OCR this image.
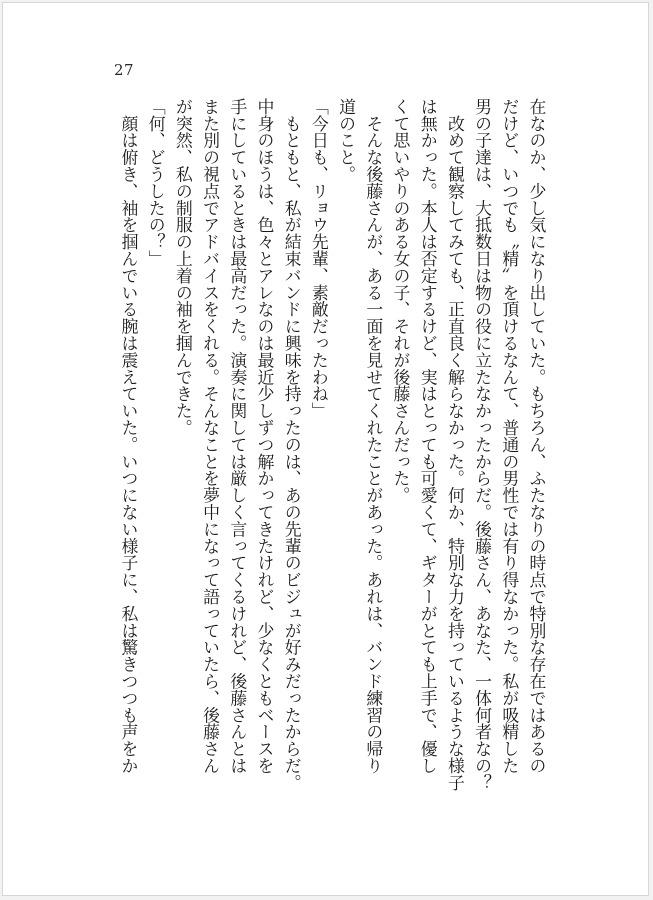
27
在なのか、少し気になり出していた。もちろん、ふたなりの時点で特別な存在ではあるの
だけど、いつでも〝精〟を頂けるなんて、普通の男性では有り得なかった。私が吸精した
男の子達は、大抵数日は物の役に立たなかったからだ。後藤さん、あなた、一体何者なの？
　改めて観察してみても、正直良く解らなかった。何か、特別な力を持っているような様子
は無かった。本人は否定するけど、実はとっても可愛くて、ギターがとても上手で、優し
くて思いやりのある女の子、それが後藤さんだった。
　そんな後藤さんが、ある一面を見せてくれたことがあった。あれは、バンド練習の帰り
道のこと。
「今日も、リョウ先輩、素敵だったわね」
　もともと、私が結束バンドに興味を持ったのは、あの先輩のビジュが好みだったからだ。
中身のほうは、色々とアレなのは最近少しずつ解かってきたけれど、少なくともベースを
手にしているときは最高だった。演奏に関しては厳しく言ってくるけれど、後藤さんとは
また別の視点でアドバイスをくれる。そんなことを夢中になって語っていたら、後藤さん
が突然、私の制服の上着の袖を掴んできた。
「何、どうしたの？」
　顔は俯き、袖を掴んでいる腕は震えていた。いつにない様子に、私は驚きつつも声をか
